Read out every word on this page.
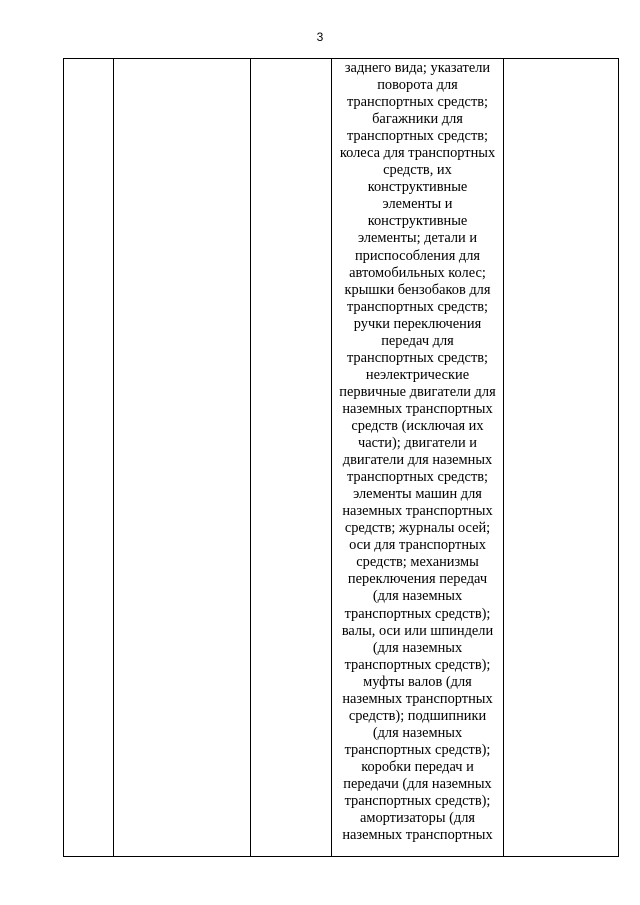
3

заднего вида; указатели
поворота для
транспортных средств;
багажники для
транспортных средств;
колеса для транспортных
средств, их
конструктивные
элементы и
конструктивные
элементы; детали и
приспособления для
автомобильных колес;
крышки бензобаков для
транспортных средств;
ручки переключения
передач для
транспортных средств;
неэлектрические
первичные двигатели для
наземных транспортных
средств (исключая их
части); двигатели и
двигатели для наземных
транспортных средств;
элементы машин для
наземных транспортных
средств; журналы осей;
оси для транспортных
средств; механизмы
переключения передач
(для наземных
транспортных средств);
валы, оси или шпиндели
(для наземных
транспортных средств);
муфты валов (для
наземных транспортных
средств); подшипники
(для наземных
транспортных средств);
коробки передач и
передачи (для наземных
транспортных средств);
амортизаторы (для
наземных транспортных
